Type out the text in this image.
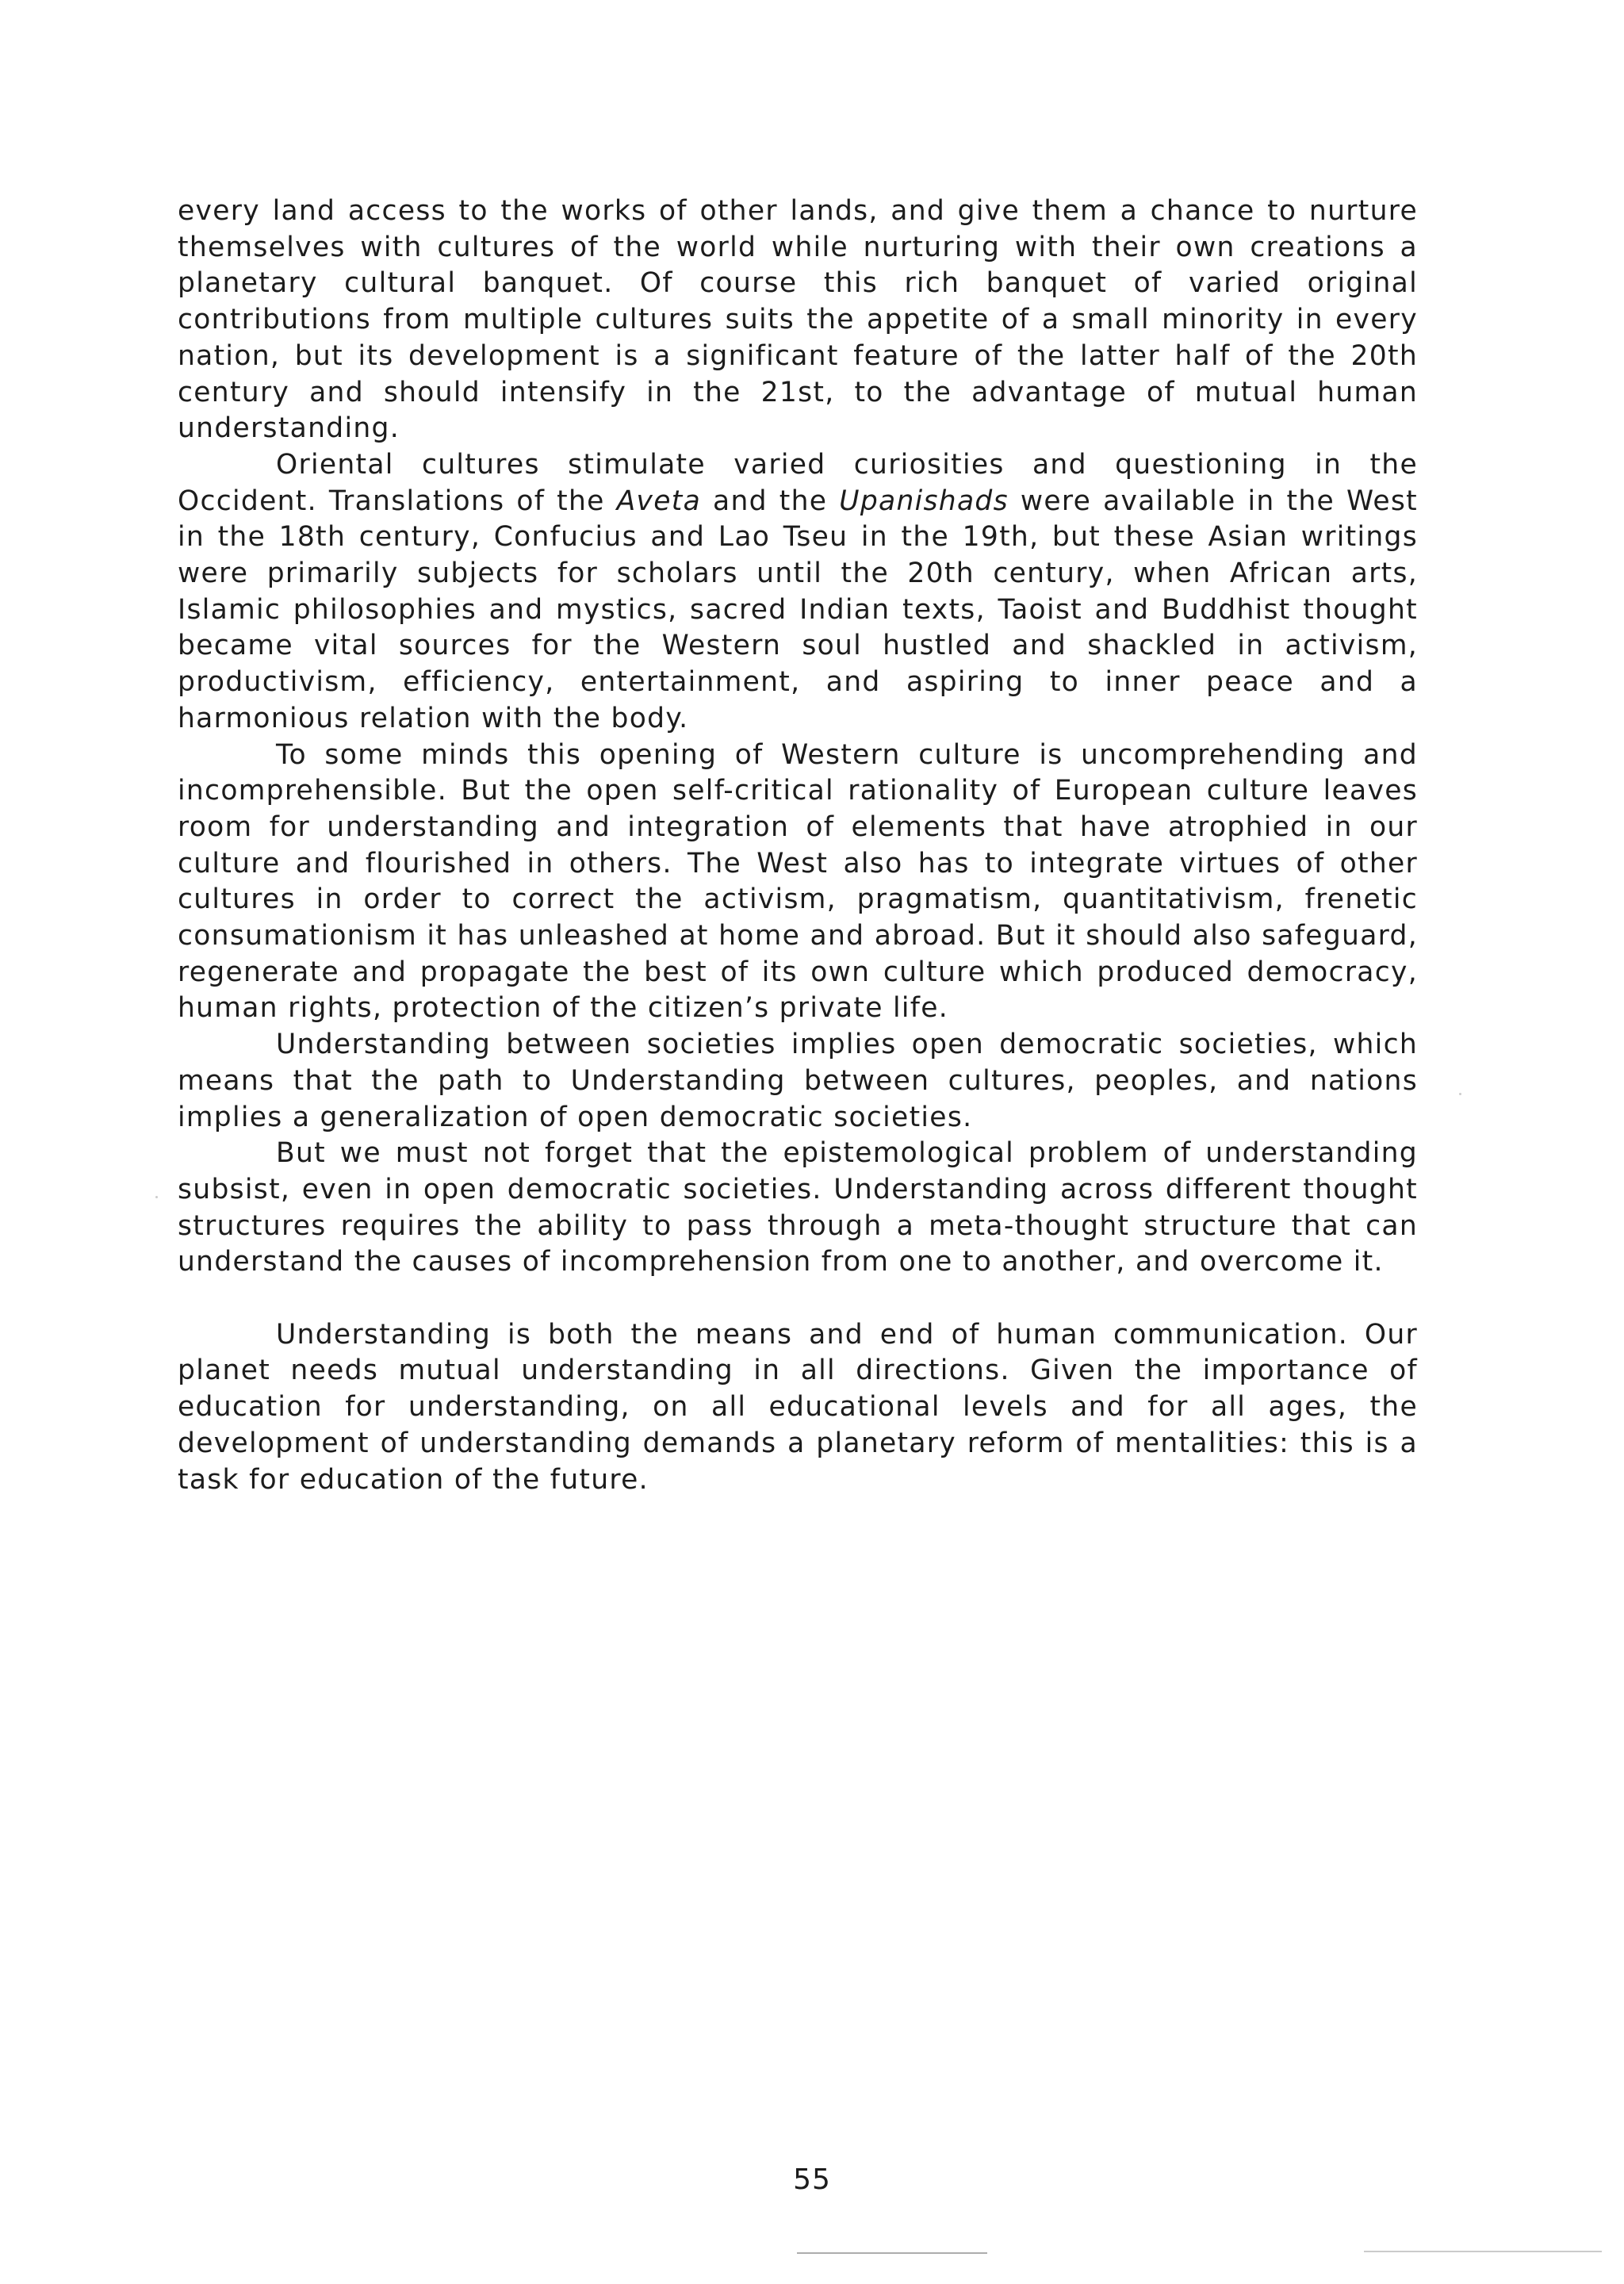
every land access to the works of other lands, and give them a chance to nurture themselves with cultures of the world while nurturing with their own creations a planetary cultural banquet. Of course this rich banquet of varied original contributions from multiple cultures suits the appetite of a small minority in every nation, but its development is a significant feature of the latter half of the 20th century and should intensify in the 21st, to the advantage of mutual human understanding.

Oriental cultures stimulate varied curiosities and questioning in the Occident. Translations of the Aveta and the Upanishads were available in the West in the 18th century, Confucius and Lao Tseu in the 19th, but these Asian writings were primarily subjects for scholars until the 20th century, when African arts, Islamic philosophies and mystics, sacred Indian texts, Taoist and Buddhist thought became vital sources for the Western soul hustled and shackled in activism, productivism, efficiency, entertainment, and aspiring to inner peace and a harmonious relation with the body.

To some minds this opening of Western culture is uncomprehending and incomprehensible. But the open self-critical rationality of European culture leaves room for understanding and integration of elements that have atrophied in our culture and flourished in others. The West also has to integrate virtues of other cultures in order to correct the activism, pragmatism, quantitativism, frenetic consumationism it has unleashed at home and abroad. But it should also safeguard, regenerate and propagate the best of its own culture which produced democracy, human rights, protection of the citizen’s private life.

Understanding between societies implies open democratic societies, which means that the path to Understanding between cultures, peoples, and nations implies a generalization of open democratic societies.

But we must not forget that the epistemological problem of understanding subsist, even in open democratic societies. Understanding across different thought structures requires the ability to pass through a meta-thought structure that can understand the causes of incomprehension from one to another, and overcome it.

Understanding is both the means and end of human communication. Our planet needs mutual understanding in all directions. Given the importance of education for understanding, on all educational levels and for all ages, the development of understanding demands a planetary reform of mentalities: this is a task for education of the future.

55
